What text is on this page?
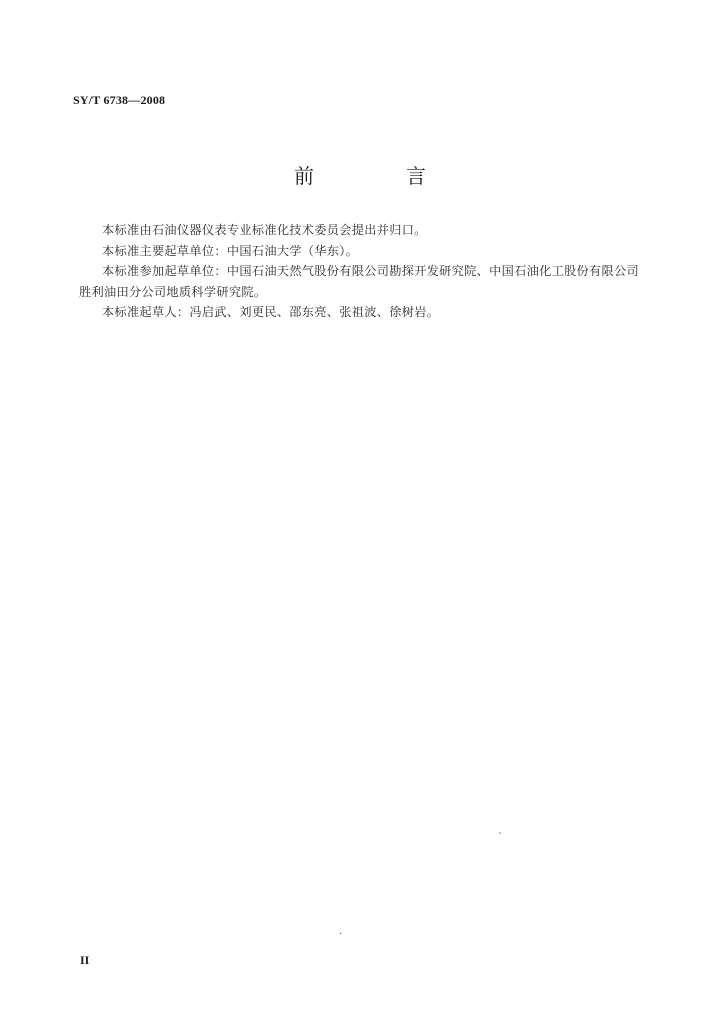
SY/T 6738—2008
前　言

本标准由石油仪器仪表专业标准化技术委员会提出并归口。

本标准主要起草单位：中国石油大学（华东）。

本标准参加起草单位：中国石油天然气股份有限公司勘探开发研究院、中国石油化工股份有限公司胜利油田分公司地质科学研究院。

本标准起草人：冯启武、刘更民、邵东亮、张祖波、徐树岩。

`
.
II
